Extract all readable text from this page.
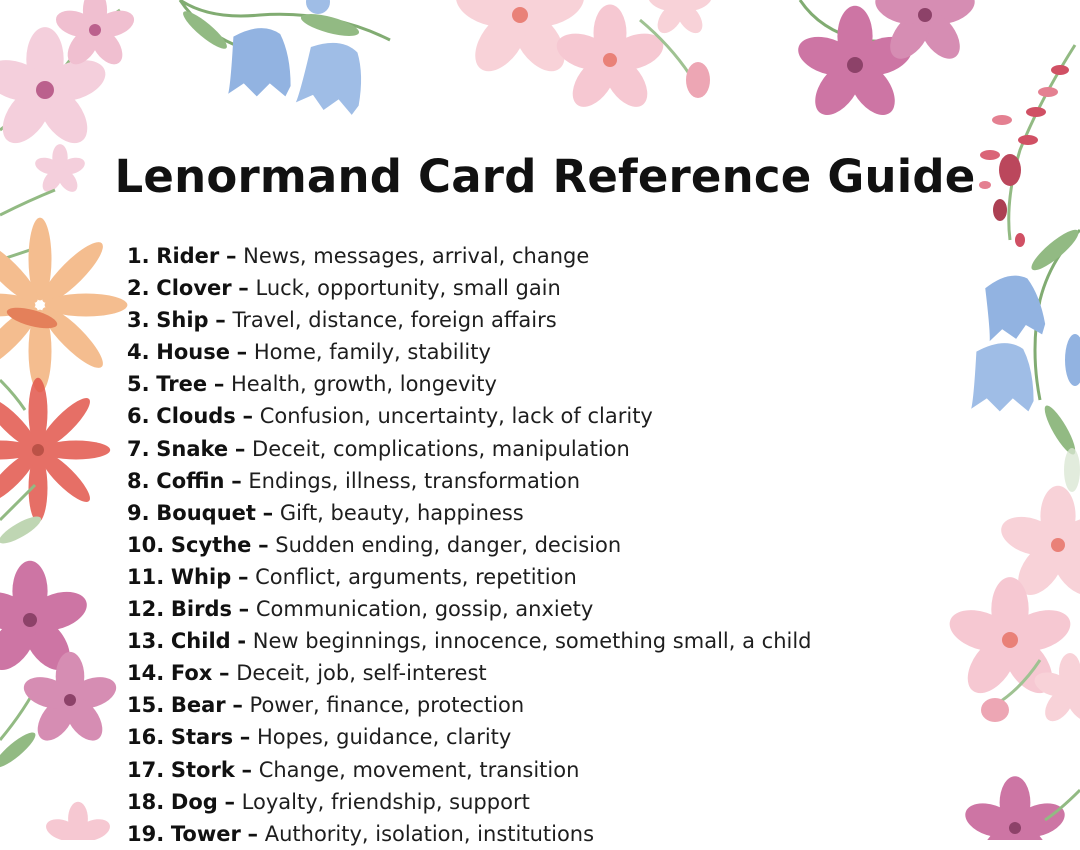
Lenormand Card Reference Guide
1. Rider – News, messages, arrival, change
2. Clover – Luck, opportunity, small gain
3. Ship – Travel, distance, foreign affairs
4. House – Home, family, stability
5. Tree – Health, growth, longevity
6. Clouds – Confusion, uncertainty, lack of clarity
7. Snake – Deceit, complications, manipulation
8. Coffin – Endings, illness, transformation
9. Bouquet – Gift, beauty, happiness
10. Scythe – Sudden ending, danger, decision
11. Whip – Conflict, arguments, repetition
12. Birds – Communication, gossip, anxiety
13. Child - New beginnings, innocence, something small, a child
14. Fox – Deceit, job, self-interest
15. Bear – Power, finance, protection
16. Stars – Hopes, guidance, clarity
17. Stork – Change, movement, transition
18. Dog – Loyalty, friendship, support
19. Tower – Authority, isolation, institutions
